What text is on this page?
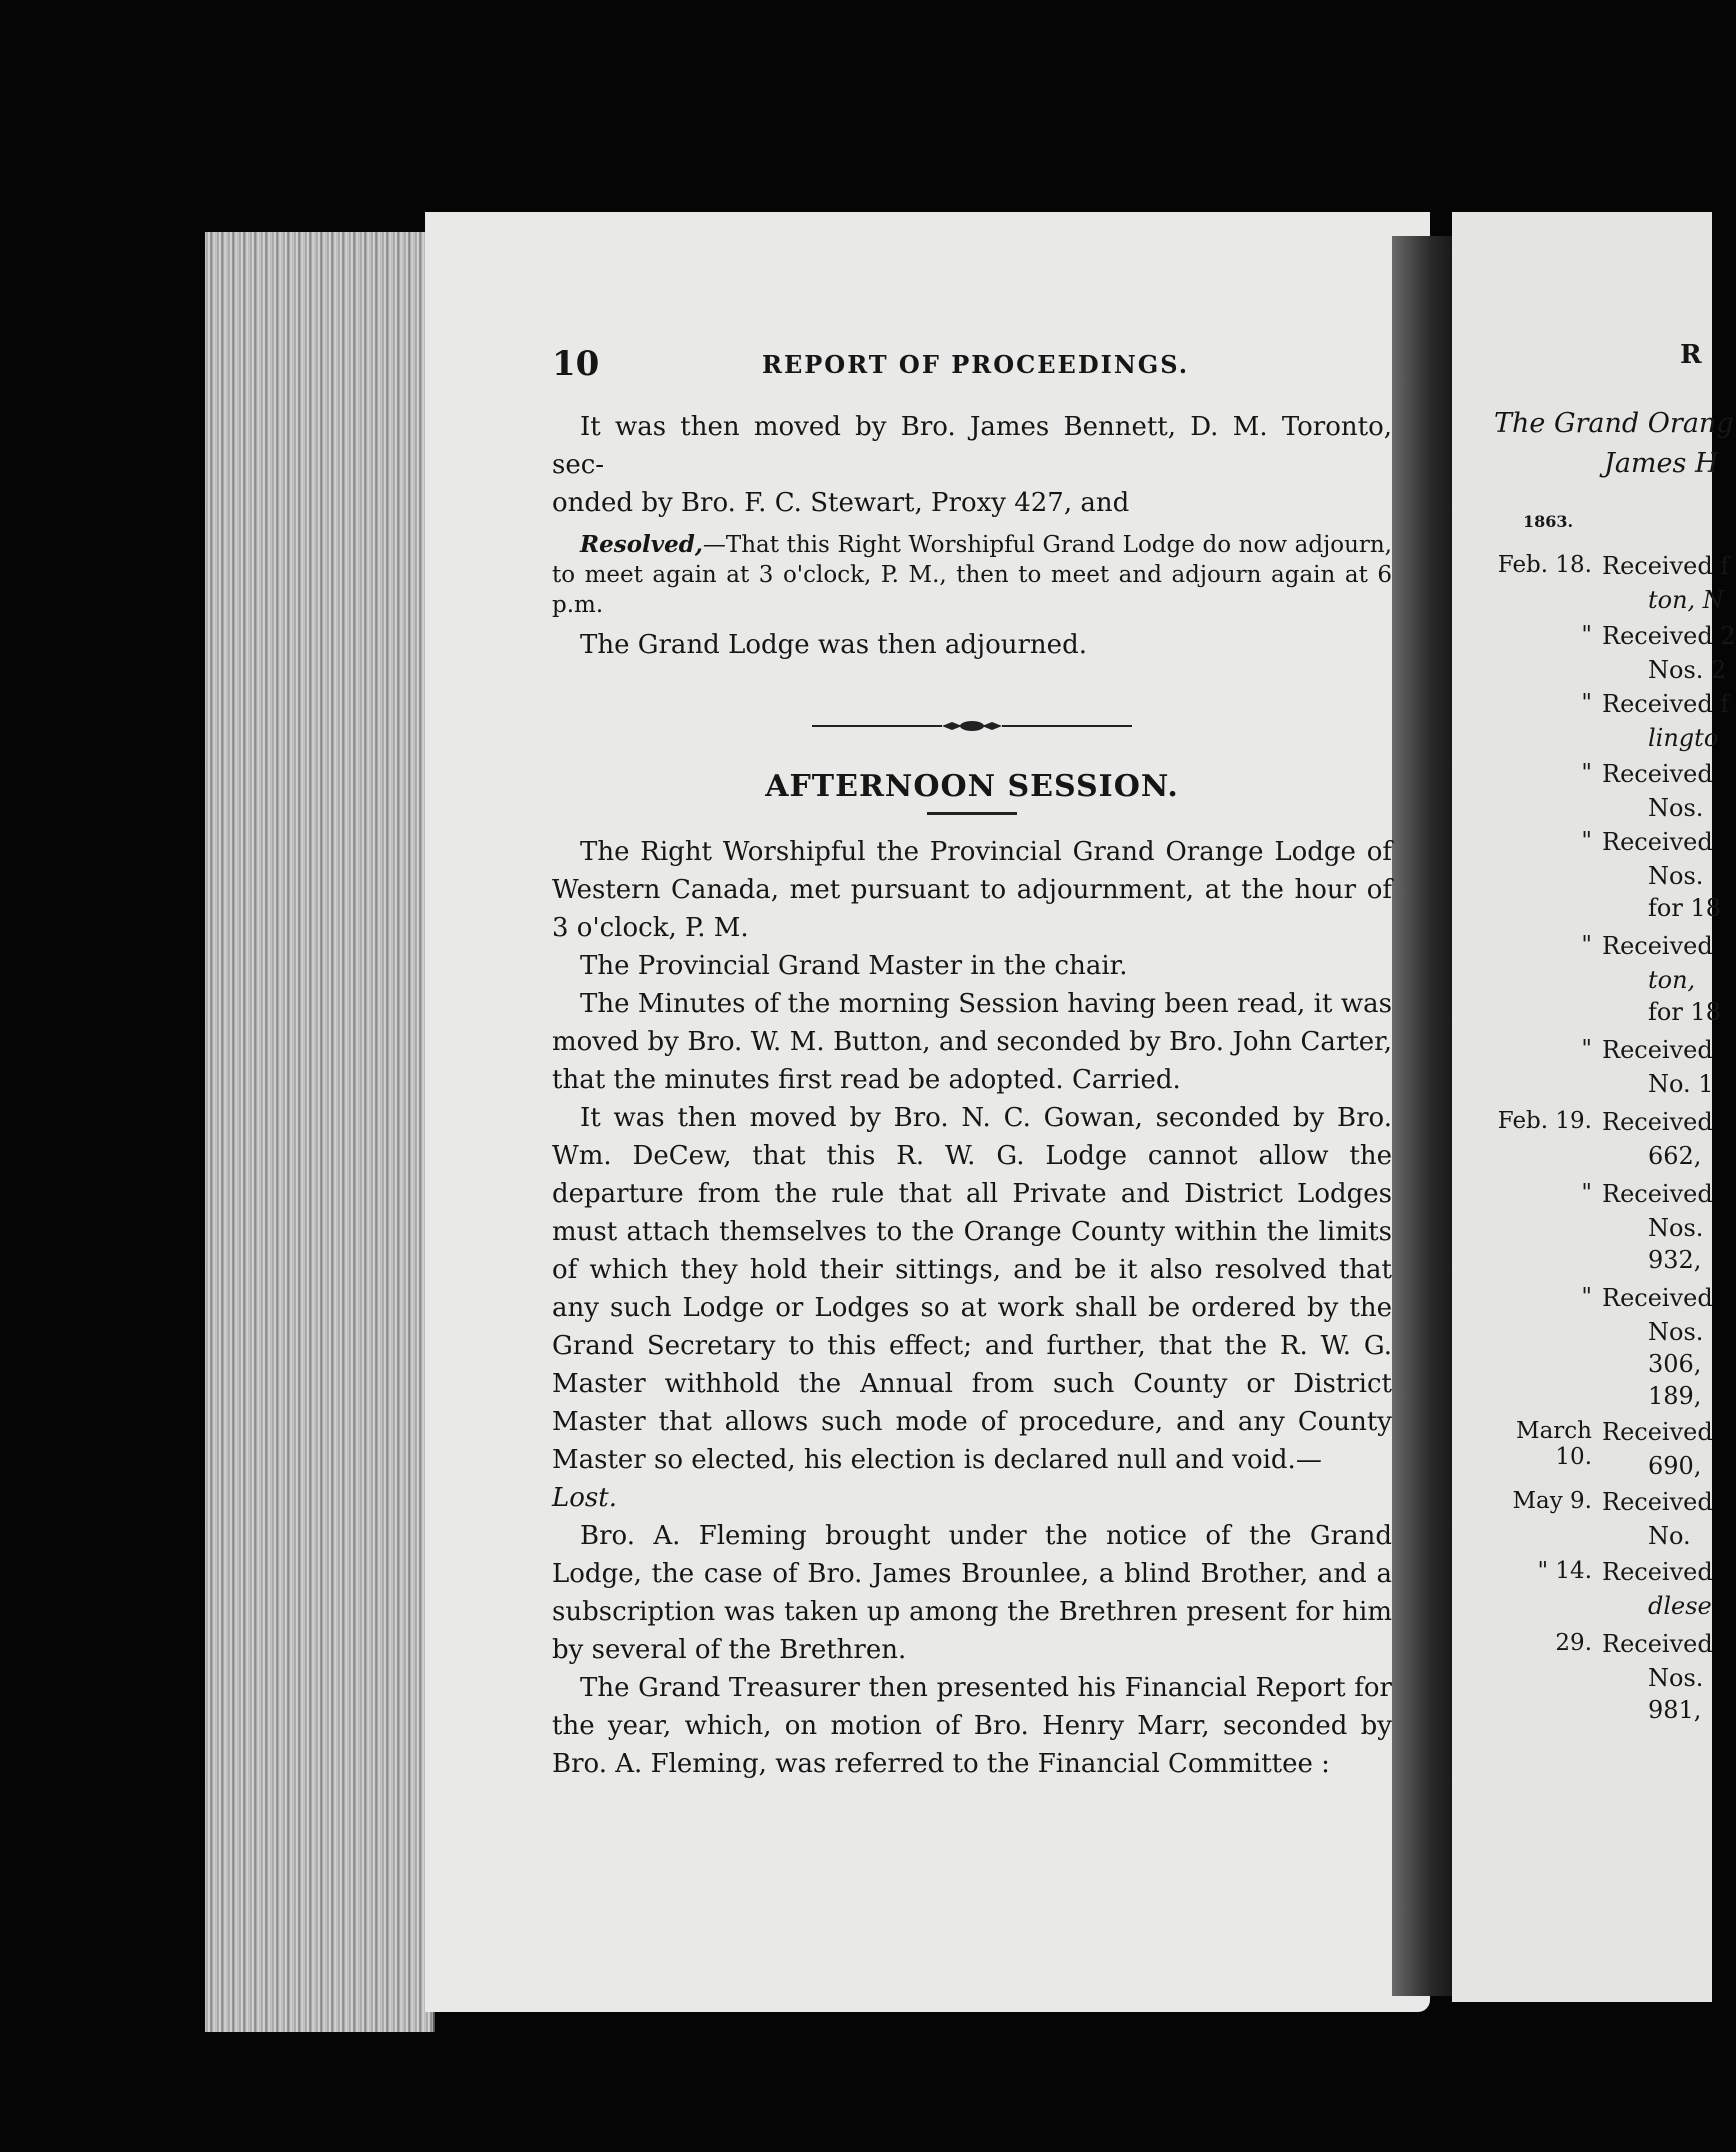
10	REPORT OF PROCEEDINGS.

It was then moved by Bro. James Bennett, D. M. Toronto, sec-

onded by Bro. F. C. Stewart, Proxy 427, and

Resolved,—That this Right Worshipful Grand Lodge do now adjourn, to meet again at 3 o'clock, P. M., then to meet and adjourn again at 6 p.m.

The Grand Lodge was then adjourned.

AFTERNOON SESSION.

The Right Worshipful the Provincial Grand Orange Lodge of Western Canada, met pursuant to adjournment, at the hour of 3 o'clock, P. M.

The Provincial Grand Master in the chair.

The Minutes of the morning Session having been read, it was moved by Bro. W. M. Button, and seconded by Bro. John Carter, that the minutes first read be adopted. Carried.

It was then moved by Bro. N. C. Gowan, seconded by Bro. Wm. DeCew, that this R. W. G. Lodge cannot allow the departure from the rule that all Private and District Lodges must attach themselves to the Orange County within the limits of which they hold their sittings, and be it also resolved that any such Lodge or Lodges so at work shall be ordered by the Grand Secretary to this effect; and further, that the R. W. G. Master withhold the Annual from such County or District Master that allows such mode of procedure, and any County Master so elected, his election is declared null and void.—

Lost.

Bro. A. Fleming brought under the notice of the Grand Lodge, the case of Bro. James Brounlee, a blind Brother, and a subscription was taken up among the Brethren present for him by several of the Brethren.

The Grand Treasurer then presented his Financial Report for the year, which, on motion of Bro. Henry Marr, seconded by Bro. A. Fleming, was referred to the Financial Committee :

R
The Grand Orang
James H
1863.
Feb. 18. Received f
ton, N
" Received 2
Nos. 2
" Received f
lingto
" Received
Nos.
" Received
Nos.
for 18
" Received
ton,
for 18
" Received
No. 1
Feb. 19. Received
662,
" Received
Nos.
932,
" Received
Nos.
306,
189,
March 10.
Received
690,
May 9. Received
No.
" 14. Received
dlese
29. Received
Nos.
981,
